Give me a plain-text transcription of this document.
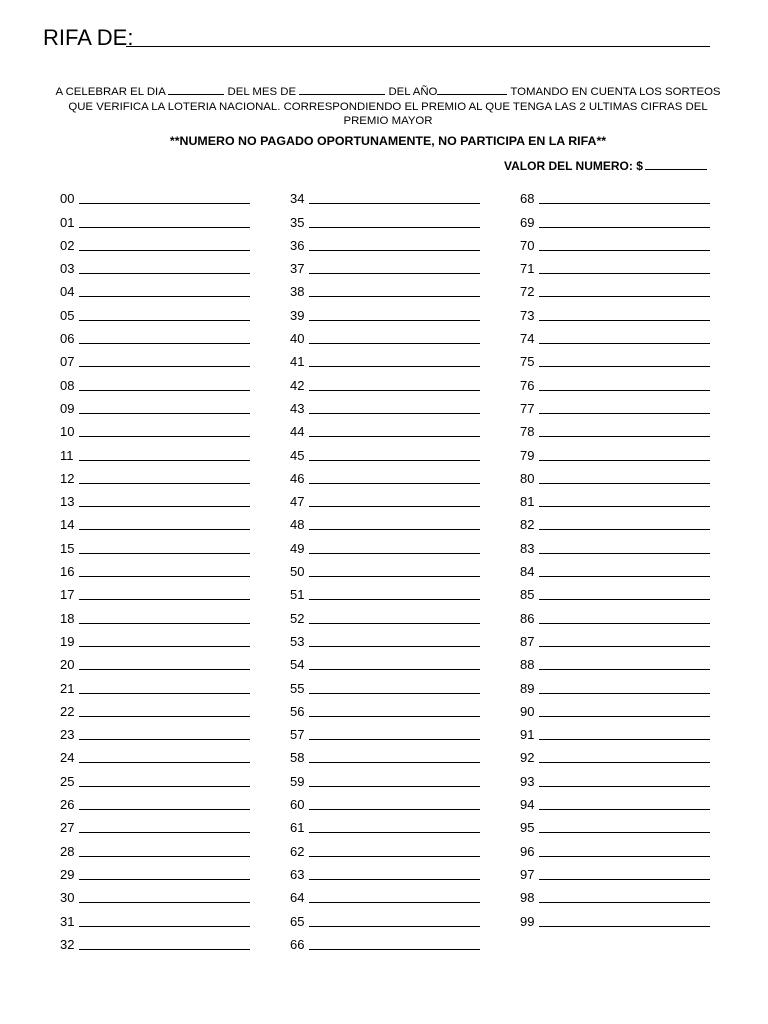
RIFA DE:
A CELEBRAR EL DIA	DEL MES DE	DEL AÑO	TOMANDO EN CUENTA LOS SORTEOS QUE VERIFICA LA LOTERIA NACIONAL. CORRESPONDIENDO EL PREMIO AL QUE TENGA LAS 2 ULTIMAS CIFRAS DEL PREMIO MAYOR
**NUMERO NO PAGADO OPORTUNAMENTE, NO PARTICIPA EN LA RIFA**
VALOR DEL NUMERO: $
00
01
02
03
04
05
06
07
08
09
10
11
12
13
14
15
16
17
18
19
20
21
22
23
24
25
26
27
28
29
30
31
32
34
35
36
37
38
39
40
41
42
43
44
45
46
47
48
49
50
51
52
53
54
55
56
57
58
59
60
61
62
63
64
65
66
68
69
70
71
72
73
74
75
76
77
78
79
80
81
82
83
84
85
86
87
88
89
90
91
92
93
94
95
96
97
98
99
